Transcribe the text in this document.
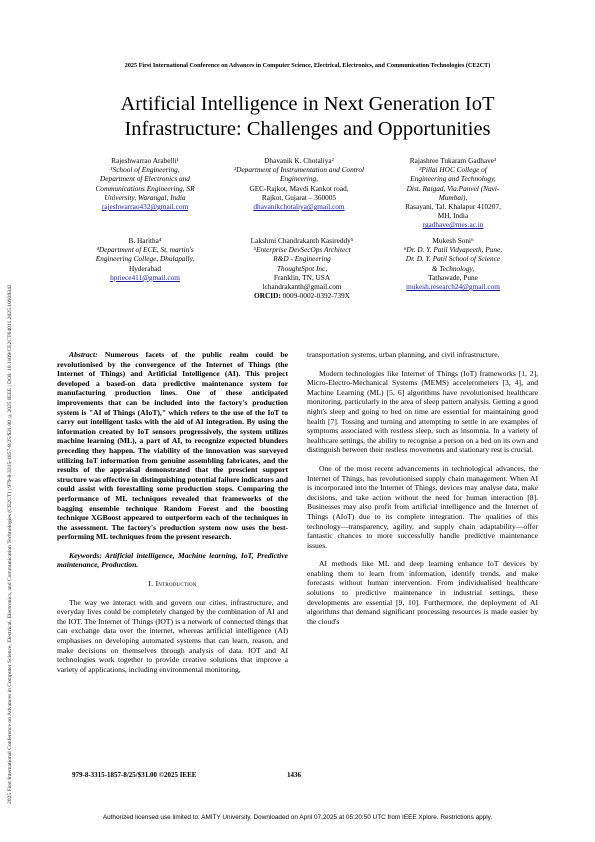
2025 First International Conference on Advances in Computer Science, Electrical, Electronics, and Communication Technologies (CE2CT) | 979-8-3315-1857-8/25/$31.00 ©2025 IEEE | DOI: 10.1109/CE2CT64011.2025.10939342
2025 First International Conference on Advances in Computer Science, Electrical, Electronics, and Communication Technologies (CE2CT)
Artificial Intelligence in Next Generation IoT
Infrastructure: Challenges and Opportunities
Rajeshwarrao Arabelli¹
¹School of Engineering,
Department of Electronics and
Communications Engineering, SR
University, Warangal, India
rajeshwarrao432@gmail.com
Dhavanik K. Chotaliya²
²Department of Instrumentation and Control
Engineering,
GEC-Rajkot, Mavdi Kankot road,
Rajkot, Gujarat – 360005
dhavanikchotaliya@gmail.com
Rajashree Tukaram Gadhave³
³Pillai HOC College of
Engineering and Technology,
Dist. Raigad, Via.Panvel (Navi-
Mumbai),
Rasayani, Tal. Khalapur 410207,
MH, India
rgadhave@mes.ac.in
B. Haritha⁴
⁴Department of ECE, St. martin's
Engineering College, Dhulapally,
Hyderabad
hpriece411@gmail.com
Lakshmi Chandrakanth Kasireddy⁵
⁵Enterprise DevSecOps Architect
R&D - Engineering
ThoughtSpot Inc,
Franklin, TN, USA
lchandrakanth@gmail.com
ORCID: 0009-0002-0392-739X
Mukesh Soni⁶
⁶Dr. D. Y. Patil Vidyapeeth, Pune,
Dr. D. Y. Patil School of Science
& Technology,
Tathawade, Pune
mukesh.research24@gmail.com

Abstract: Numerous facets of the public realm could be revolutionised by the convergence of the Internet of Things (the Internet of Things) and Artificial Intelligence (AI). This project developed a based-on data predictive maintenance system for manufacturing production lines. One of these anticipated improvements that can be included into the factory's production system is "AI of Things (AIoT)," which refers to the use of the IoT to carry out intelligent tasks with the aid of AI integration. By using the information created by IoT sensors progressively, the system utilizes machine learning (ML), a part of AI, to recognize expected blunders preceding they happen. The viability of the innovation was surveyed utilizing IoT information from genuine assembling fabricates, and the results of the appraisal demonstrated that the prescient support structure was effective in distinguishing potential failure indicators and could assist with forestalling some production stops. Comparing the performance of ML techniques revealed that frameworks of the bagging ensemble technique Random Forest and the boosting technique XGBoost appeared to outperform each of the techniques in the assessment. The factory's production system now uses the best-performing ML techniques from the present research.

Keywords: Artificial intelligence, Machine learning, IoT, Predictive maintenance, Production.

I. Introduction

The way we interact with and govern our cities, infrastructure, and everyday lives could be completely changed by the combination of AI and the IOT. The Internet of Things (IOT) is a network of connected things that can exchange data over the internet, whereas artificial intelligence (AI) emphasises on developing automated systems that can learn, reason, and make decisions on themselves through analysis of data. IOT and AI technologies work together to provide creative solutions that improve a variety of applications, including environmental monitoring,

transportation systems, urban planning, and civil infrastructure.

Modern technologies like Internet of Things (IoT) frameworks [1, 2], Micro-Electro-Mechanical Systems (MEMS) accelerometers [3, 4], and Machine Learning (ML) [5, 6] algorithms have revolutionised healthcare monitoring, particularly in the area of sleep pattern analysis. Getting a good night's sleep and going to bed on time are essential for maintaining good health [7]. Tossing and turning and attempting to settle in are examples of symptoms associated with restless sleep, such as insomnia. In a variety of healthcare settings, the ability to recognise a person on a bed on its own and distinguish between their restless movements and stationary rest is crucial.

One of the most recent advancements in technological advances, the Internet of Things, has revolutionised supply chain management. When AI is incorporated into the Internet of Things, devices may analyse data, make decisions, and take action without the need for human interaction [8]. Businesses may also profit from artificial intelligence and the Internet of Things (AIoT) due to its complete integration. The qualities of this technology—transparency, agility, and supply chain adaptability—offer fantastic chances to more successfully handle predictive maintenance issues.

AI methods like ML and deep learning enhance IoT devices by enabling them to learn from information, identify trends, and make forecasts without human intervention. From individualised healthcare solutions to predictive maintenance in industrial settings, these developments are essential [9, 10]. Furthermore, the deployment of AI algorithms that demand significant processing resources is made easier by the cloud's

979-8-3315-1857-8/25/$31.00 ©2025 IEEE	1436
Authorized licensed use limited to: AMITY University. Downloaded on April 07,2025 at 05:20:50 UTC from IEEE Xplore. Restrictions apply.
